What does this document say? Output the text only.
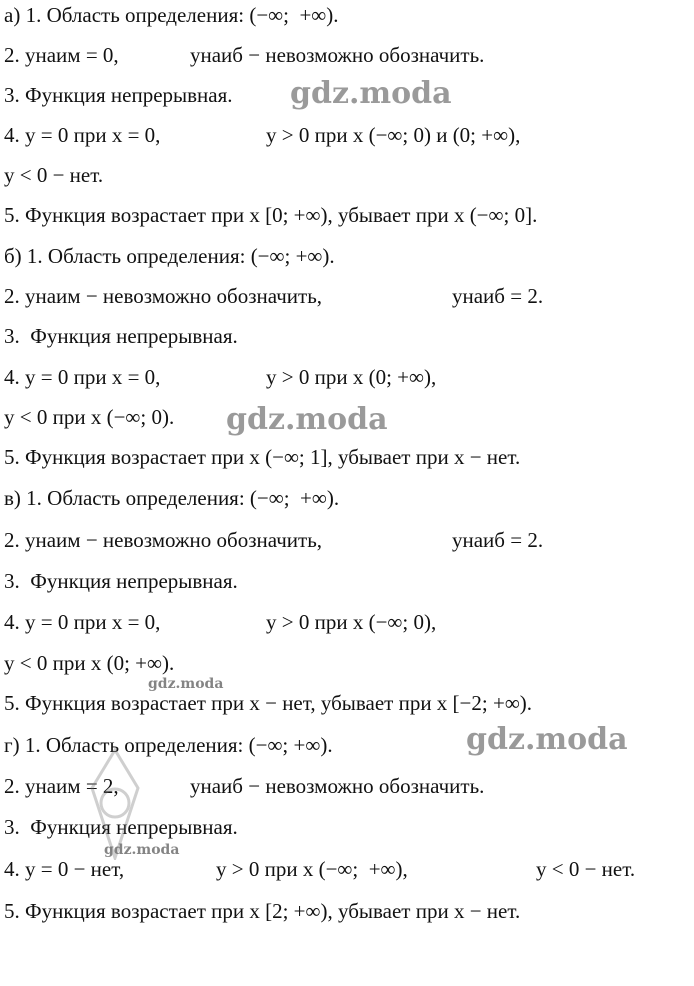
а) 1. Область определения: (−∞;  +∞).

2. yнаим = 0,

	yнаиб − невозможно обозначить.

3. Функция непрерывная.

4. y = 0 при x = 0,

	y > 0 при x (−∞; 0) и (0; +∞),

y < 0 − нет.

5. Функция возрастает при x [0; +∞), убывает при x (−∞; 0].

б) 1. Область определения: (−∞; +∞).

2. yнаим − невозможно обозначить,

	yнаиб = 2.

3.  Функция непрерывная.

4. y = 0 при x = 0,

	y > 0 при x (0; +∞),

y < 0 при x (−∞; 0).

5. Функция возрастает при x (−∞; 1], убывает при x − нет.

в) 1. Область определения: (−∞;  +∞).

2. yнаим − невозможно обозначить,

	yнаиб = 2.

3.  Функция непрерывная.

4. y = 0 при x = 0,

	y > 0 при x (−∞; 0),

y < 0 при x (0; +∞).

5. Функция возрастает при x − нет, убывает при x [−2; +∞).

г) 1. Область определения: (−∞; +∞).

2. yнаим = 2,

	yнаиб − невозможно обозначить.

3.  Функция непрерывная.

4. y = 0 − нет,

	y > 0 при x (−∞;  +∞),

	y < 0 − нет.

5. Функция возрастает при x [2; +∞), убывает при x − нет.

gdz.moda
gdz.moda
gdz.moda
gdz.moda
gdz.moda
